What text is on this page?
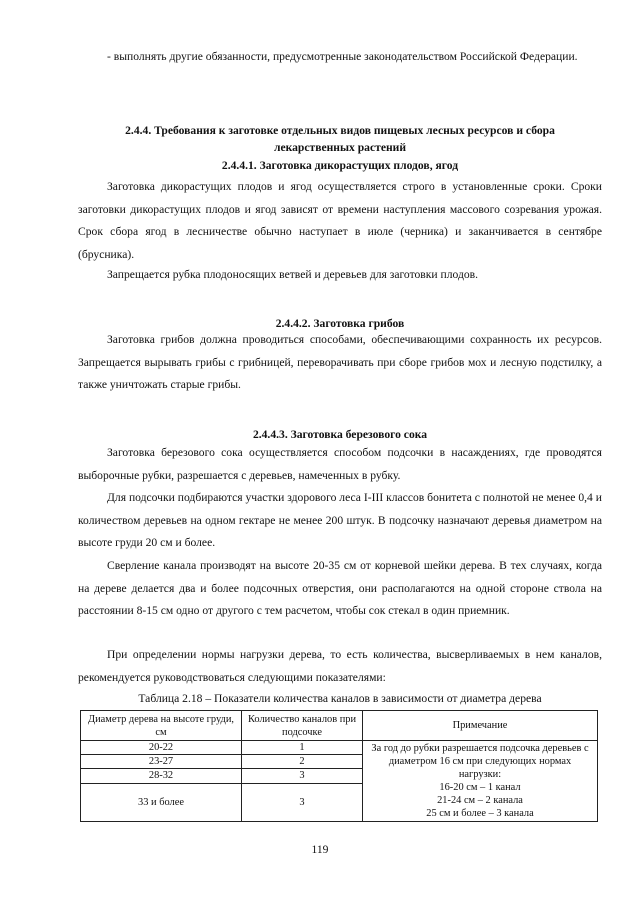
- выполнять другие обязанности, предусмотренные законодательством Российской Федерации.

2.4.4. Требования к заготовке отдельных видов пищевых лесных ресурсов и сбора лекарственных растений

2.4.4.1. Заготовка дикорастущих плодов, ягод

Заготовка дикорастущих плодов и ягод осуществляется строго в установленные сроки. Сроки заготовки дикорастущих плодов и ягод зависят от времени наступления массового созревания урожая. Срок сбора ягод в лесничестве обычно наступает в июле (черника) и заканчивается в сентябре (брусника).

Запрещается рубка плодоносящих ветвей и деревьев для заготовки плодов.

2.4.4.2. Заготовка грибов

Заготовка грибов должна проводиться способами, обеспечивающими сохранность их ресурсов. Запрещается вырывать грибы с грибницей, переворачивать при сборе грибов мох и лесную подстилку, а также уничтожать старые грибы.

2.4.4.3. Заготовка березового сока

Заготовка березового сока осуществляется способом подсочки в насаждениях, где проводятся выборочные рубки, разрешается с деревьев, намеченных в рубку.

Для подсочки подбираются участки здорового леса I-III классов бонитета с полнотой не менее 0,4 и количеством деревьев на одном гектаре не менее 200 штук. В подсочку назначают деревья диаметром на высоте груди 20 см и более.

Сверление канала производят на высоте 20-35 см от корневой шейки дерева. В тех случаях, когда на дереве делается два и более подсочных отверстия, они располагаются на одной стороне ствола на расстоянии 8-15 см одно от другого с тем расчетом, чтобы сок стекал в один приемник.

При определении нормы нагрузки дерева, то есть количества, высверливаемых в нем каналов, рекомендуется руководствоваться следующими показателями:

Таблица 2.18 – Показатели количества каналов в зависимости от диаметра дерева

Диаметр дерева на высоте груди, см	Количество каналов при подсочке	Примечание
20-22	1	За год до рубки разрешается подсочка деревьев с диаметром 16 см при следующих нормах нагрузки:
16-20 см – 1 канал
21-24 см – 2 канала
25 см и более – 3 канала

23-27	2	
28-32	3	
33 и более	3	
119
